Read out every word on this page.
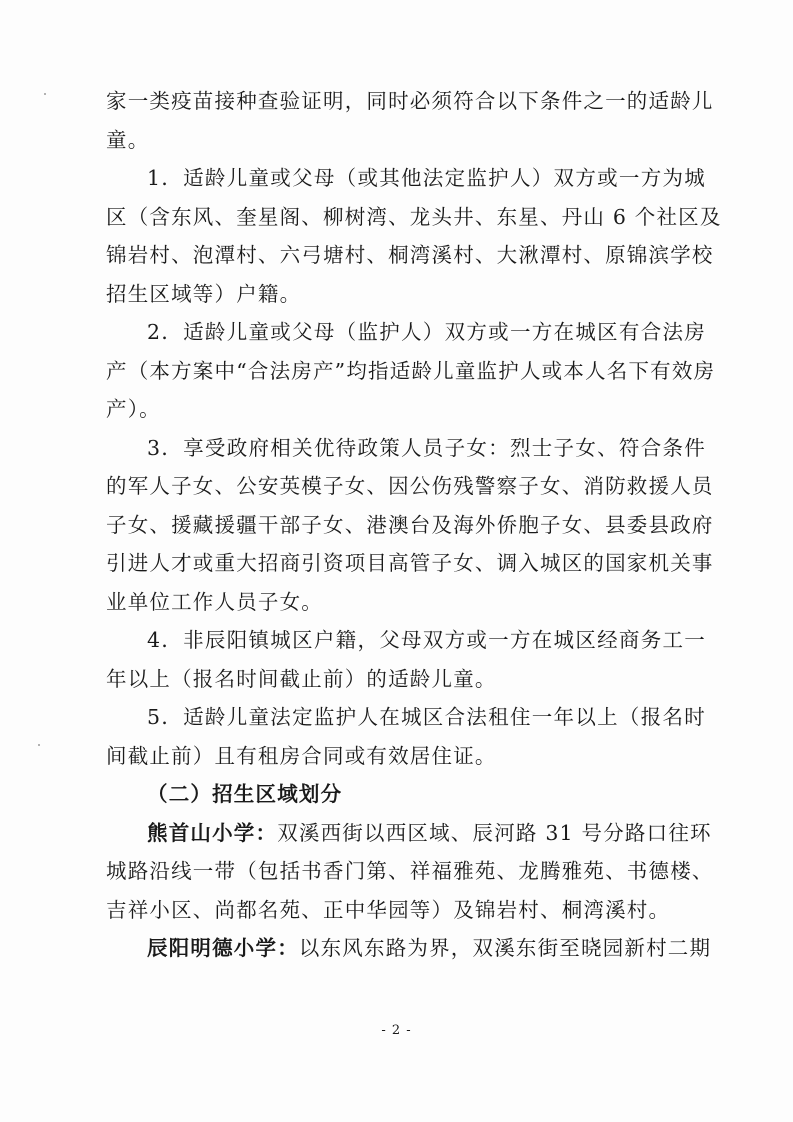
家一类疫苗接种查验证明，同时必须符合以下条件之一的适龄儿
童。
1．适龄儿童或父母（或其他法定监护人）双方或一方为城
区（含东风、奎星阁、柳树湾、龙头井、东星、丹山 6 个社区及
锦岩村、泡潭村、六弓塘村、桐湾溪村、大湫潭村、原锦滨学校
招生区域等）户籍。
2．适龄儿童或父母（监护人）双方或一方在城区有合法房
产（本方案中“合法房产”均指适龄儿童监护人或本人名下有效房
产）。
3．享受政府相关优待政策人员子女：烈士子女、符合条件
的军人子女、公安英模子女、因公伤残警察子女、消防救援人员
子女、援藏援疆干部子女、港澳台及海外侨胞子女、县委县政府
引进人才或重大招商引资项目高管子女、调入城区的国家机关事
业单位工作人员子女。
4．非辰阳镇城区户籍，父母双方或一方在城区经商务工一
年以上（报名时间截止前）的适龄儿童。
5．适龄儿童法定监护人在城区合法租住一年以上（报名时
间截止前）且有租房合同或有效居住证。
（二）招生区域划分
熊首山小学：双溪西街以西区域、辰河路 31 号分路口往环
城路沿线一带（包括书香门第、祥福雅苑、龙腾雅苑、书德楼、
吉祥小区、尚都名苑、正中华园等）及锦岩村、桐湾溪村。
辰阳明德小学：以东风东路为界，双溪东街至晓园新村二期
- 2 -
